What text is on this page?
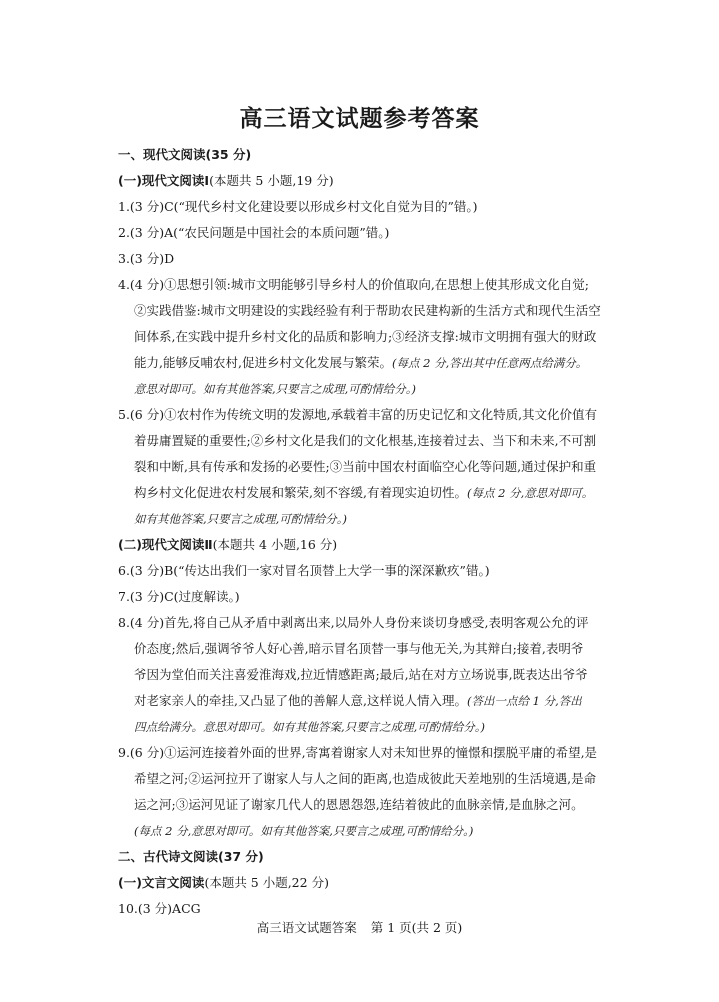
高三语文试题参考答案
一、现代文阅读(35 分)
(一)现代文阅读Ⅰ(本题共 5 小题,19 分)
1.(3 分)C(“现代乡村文化建设要以形成乡村文化自觉为目的”错。)
2.(3 分)A(“农民问题是中国社会的本质问题”错。)
3.(3 分)D
4.(4 分)①思想引领:城市文明能够引导乡村人的价值取向,在思想上使其形成文化自觉;
②实践借鉴:城市文明建设的实践经验有利于帮助农民建构新的生活方式和现代生活空
间体系,在实践中提升乡村文化的品质和影响力;③经济支撑:城市文明拥有强大的财政
能力,能够反哺农村,促进乡村文化发展与繁荣。(每点 2 分,答出其中任意两点给满分。
意思对即可。如有其他答案,只要言之成理,可酌情给分。)
5.(6 分)①农村作为传统文明的发源地,承载着丰富的历史记忆和文化特质,其文化价值有
着毋庸置疑的重要性;②乡村文化是我们的文化根基,连接着过去、当下和未来,不可割
裂和中断,具有传承和发扬的必要性;③当前中国农村面临空心化等问题,通过保护和重
构乡村文化促进农村发展和繁荣,刻不容缓,有着现实迫切性。(每点 2 分,意思对即可。
如有其他答案,只要言之成理,可酌情给分。)
(二)现代文阅读Ⅱ(本题共 4 小题,16 分)
6.(3 分)B(“传达出我们一家对冒名顶替上大学一事的深深歉疚”错。)
7.(3 分)C(过度解读。)
8.(4 分)首先,将自己从矛盾中剥离出来,以局外人身份来谈切身感受,表明客观公允的评
价态度;然后,强调爷爷人好心善,暗示冒名顶替一事与他无关,为其辩白;接着,表明爷
爷因为堂伯而关注喜爱淮海戏,拉近情感距离;最后,站在对方立场说事,既表达出爷爷
对老家亲人的牵挂,又凸显了他的善解人意,这样说人情入理。(答出一点给 1 分,答出
四点给满分。意思对即可。如有其他答案,只要言之成理,可酌情给分。)
9.(6 分)①运河连接着外面的世界,寄寓着谢家人对未知世界的憧憬和摆脱平庸的希望,是
希望之河;②运河拉开了谢家人与人之间的距离,也造成彼此天差地别的生活境遇,是命
运之河;③运河见证了谢家几代人的恩恩怨怨,连结着彼此的血脉亲情,是血脉之河。
(每点 2 分,意思对即可。如有其他答案,只要言之成理,可酌情给分。)
二、古代诗文阅读(37 分)
(一)文言文阅读(本题共 5 小题,22 分)
10.(3 分)ACG
高三语文试题答案 第 1 页(共 2 页)
